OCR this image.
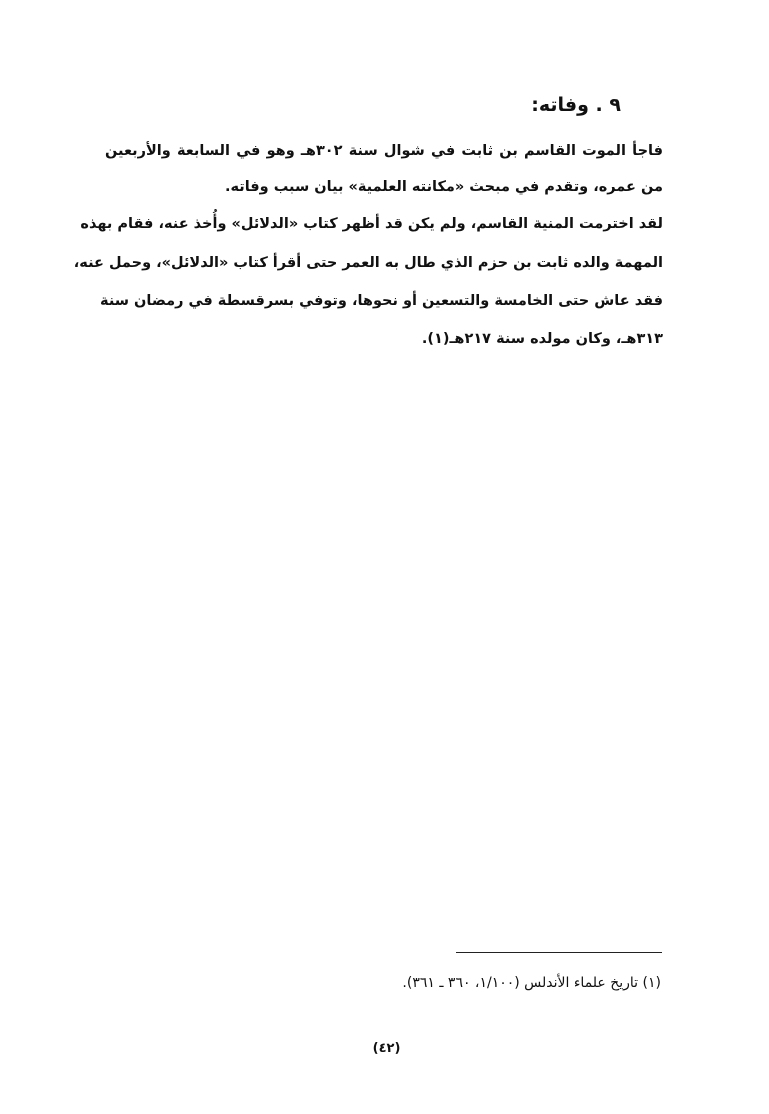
٩ . وفاته:
فاجأ الموت القاسم بن ثابت في شوال سنة ٣٠٢هـ وهو في السابعة والأربعين
من عمره، وتقدم في مبحث «مكانته العلمية» بيان سبب وفاته.
لقد اخترمت المنية القاسم، ولم يكن قد أظهر كتاب «الدلائل» وأُخذ عنه، فقام بهذه
المهمة والده ثابت بن حزم الذي طال به العمر حتى أقرأ كتاب «الدلائل»، وحمل عنه،
فقد عاش حتى الخامسة والتسعين أو نحوها، وتوفي بسرقسطة في رمضان سنة
٣١٣هـ، وكان مولده سنة ٢١٧هـ(١).
(١) تاريخ علماء الأندلس (١/١٠٠، ٣٦٠ ـ ٣٦١).
(٤٢)
